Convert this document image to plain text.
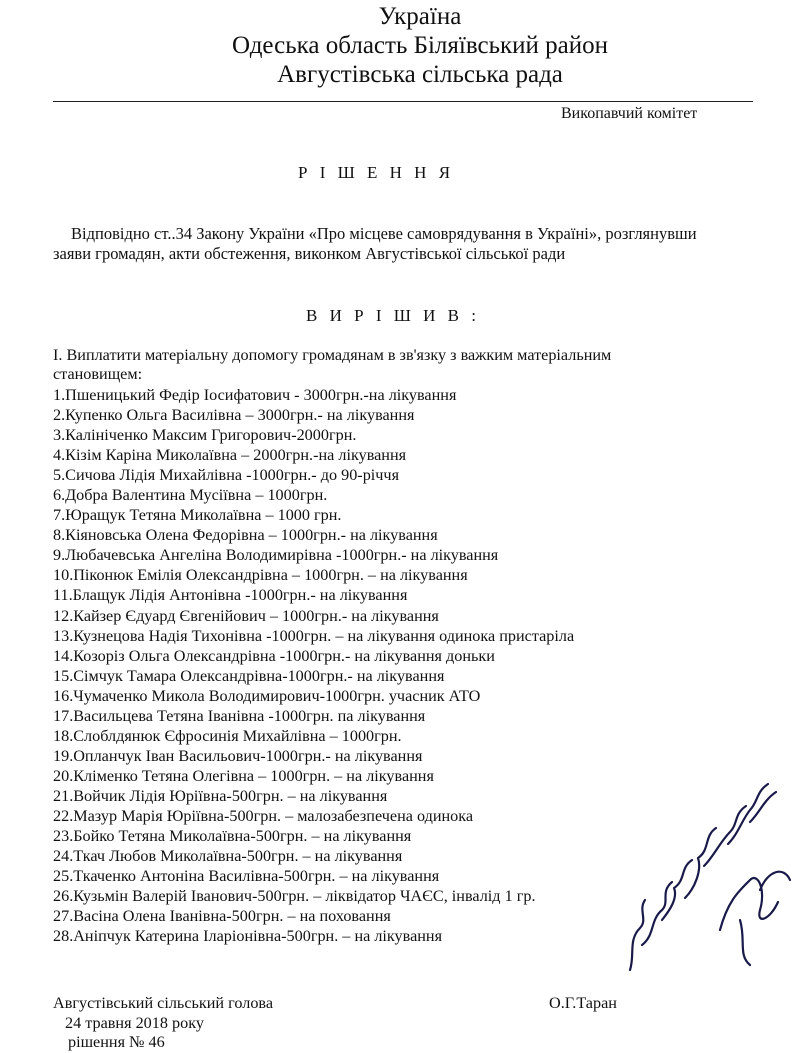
Україна
Одеська область Біляївський район
Августівська сільська рада
Викопавчий комітет
Р І Ш Е Н Н Я
Відповідно ст..34 Закону України «Про місцеве самоврядування в Україні», розглянувши
заяви громадян, акти обстеження, виконком Августівської сільської ради
В И Р І Ш И В :
I. Виплатити матеріальну допомогу громадянам в зв'язку з важким матеріальним
становищем:
1.Пшеницький Федір Іосифатович - 3000грн.-на лікування
2.Купенко Ольга Василівна – 3000грн.- на лікування
3.Калініченко Максим Григорович-2000грн.
4.Кізім Каріна Миколаївна – 2000грн.-на лікування
5.Сичова Лідія Михайлівна -1000грн.- до 90-річчя
6.Добра Валентина Мусіївна – 1000грн.
7.Юращук Тетяна Миколаївна – 1000 грн.
8.Кіяновська Олена Федорівна – 1000грн.- на лікування
9.Любачевська Ангеліна Володимирівна -1000грн.- на лікування
10.Пiконюк Емілія Олександрівна – 1000грн. – на лікування
11.Блащук Лідія Антонівна -1000грн.- на лікування
12.Кайзер Єдуард Євгенійович – 1000грн.- на лікування
13.Кузнецова Надія Тихонівна -1000грн. – на лікування одинока пристаріла
14.Козоріз Ольга Олександрівна -1000грн.- на лікування доньки
15.Сімчук Тамара Олександрівна-1000грн.- на лікування
16.Чумаченко Микола Володимирович-1000грн. учасник АТО
17.Васильцева Тетяна Іванівна -1000грн. па лікування
18.Слоблдянюк Єфросинія Михайлівна – 1000грн.
19.Опланчук Іван Васильович-1000грн.- на лікування
20.Кліменко Тетяна Олегівна – 1000грн. – на лікування
21.Войчик Лідія Юріївна-500грн. – на лікування
22.Мазур Марія Юріївна-500грн. – малозабезпечена одинока
23.Бойко Тетяна Миколаївна-500грн. – на лікування
24.Ткач Любов Миколаївна-500грн. – на лікування
25.Ткаченко Антоніна Василівна-500грн. – на лікування
26.Кузьмін Валерій Іванович-500грн. – ліквідатор ЧАЄС, інвалід 1 гр.
27.Васіна Олена Іванівна-500грн. – на поховання
28.Аніпчук Катерина Іларіонівна-500грн. – на лікування
Августівський сільський голова	О.Г.Таран
24 травня 2018 року
рішення № 46
